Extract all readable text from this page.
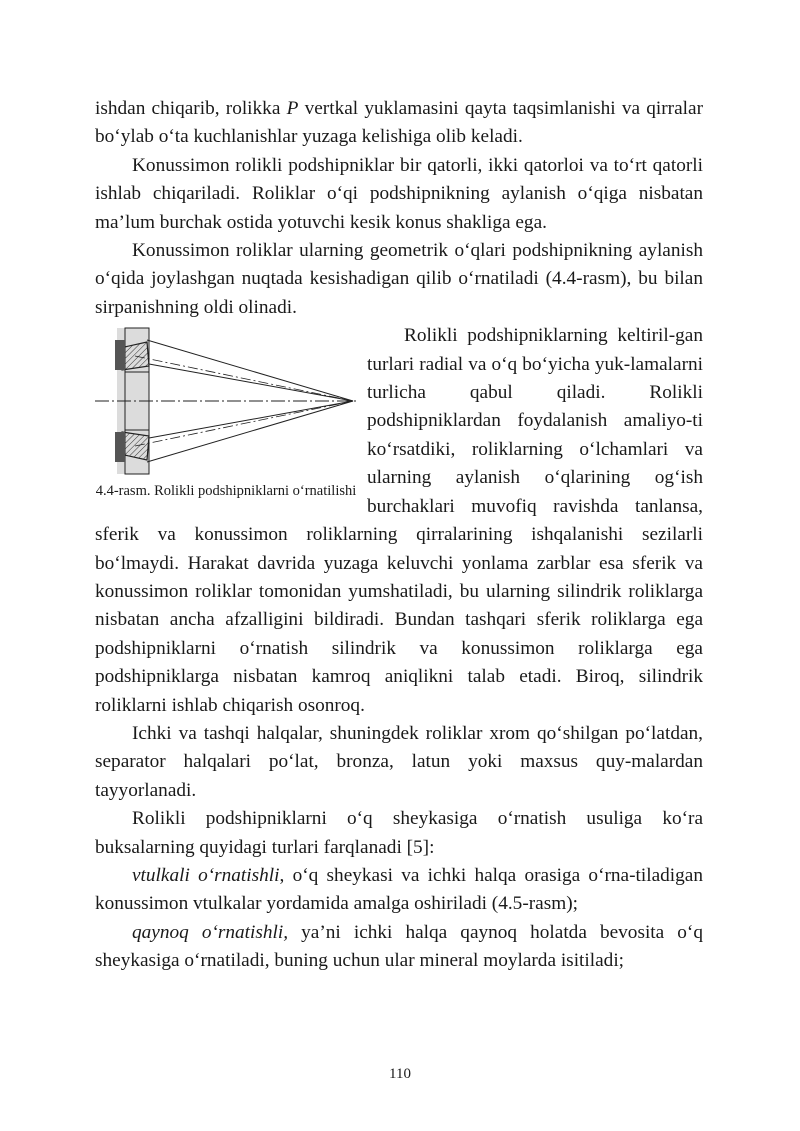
ishdan chiqarib, rolikka P vertkal yuklamasini qayta taqsimlanishi va qirralar bo‘ylab o‘ta kuchlanishlar yuzaga kelishiga olib keladi.

Konussimon rolikli podshipniklar bir qatorli, ikki qatorloi va to‘rt qatorli ishlab chiqariladi. Roliklar o‘qi podshipnikning aylanish o‘qiga nisbatan ma’lum burchak ostida yotuvchi kesik konus shakliga ega.

Konussimon roliklar ularning geometrik o‘qlari podshipnikning aylanish o‘qida joylashgan nuqtada kesishadigan qilib o‘rnatiladi (4.4-rasm), bu bilan sirpanishning oldi olinadi.

4.4-rasm. Rolikli podshipniklarni o‘rnatilishi

Rolikli podshipniklarning keltiril-gan turlari radial va o‘q bo‘yicha yuk-lamalarni turlicha qabul qiladi. Rolikli podshipniklardan foydalanish amaliyo-ti ko‘rsatdiki, roliklarning o‘lchamlari va ularning aylanish o‘qlarining og‘ish burchaklari muvofiq ravishda tanlansa, sferik va konussimon roliklarning qirralarining ishqalanishi sezilarli bo‘lmaydi. Harakat davrida yuzaga keluvchi yonlama zarblar esa sferik va konussimon roliklar tomonidan yumshatiladi, bu ularning silindrik roliklarga nisbatan ancha afzalligini bildiradi. Bundan tashqari sferik roliklarga ega podshipniklarni o‘rnatish silindrik va konussimon roliklarga ega podshipniklarga nisbatan kamroq aniqlikni talab etadi. Biroq, silindrik roliklarni ishlab chiqarish osonroq.

Ichki va tashqi halqalar, shuningdek roliklar xrom qo‘shilgan po‘latdan, separator halqalari po‘lat, bronza, latun yoki maxsus quy-malardan tayyorlanadi.

Rolikli podshipniklarni o‘q sheykasiga o‘rnatish usuliga ko‘ra buksalarning quyidagi turlari farqlanadi [5]:

vtulkali o‘rnatishli, o‘q sheykasi va ichki halqa orasiga o‘rna-tiladigan konussimon vtulkalar yordamida amalga oshiriladi (4.5-rasm);

qaynoq o‘rnatishli, ya’ni ichki halqa qaynoq holatda bevosita o‘q sheykasiga o‘rnatiladi, buning uchun ular mineral moylarda isitiladi;

110
